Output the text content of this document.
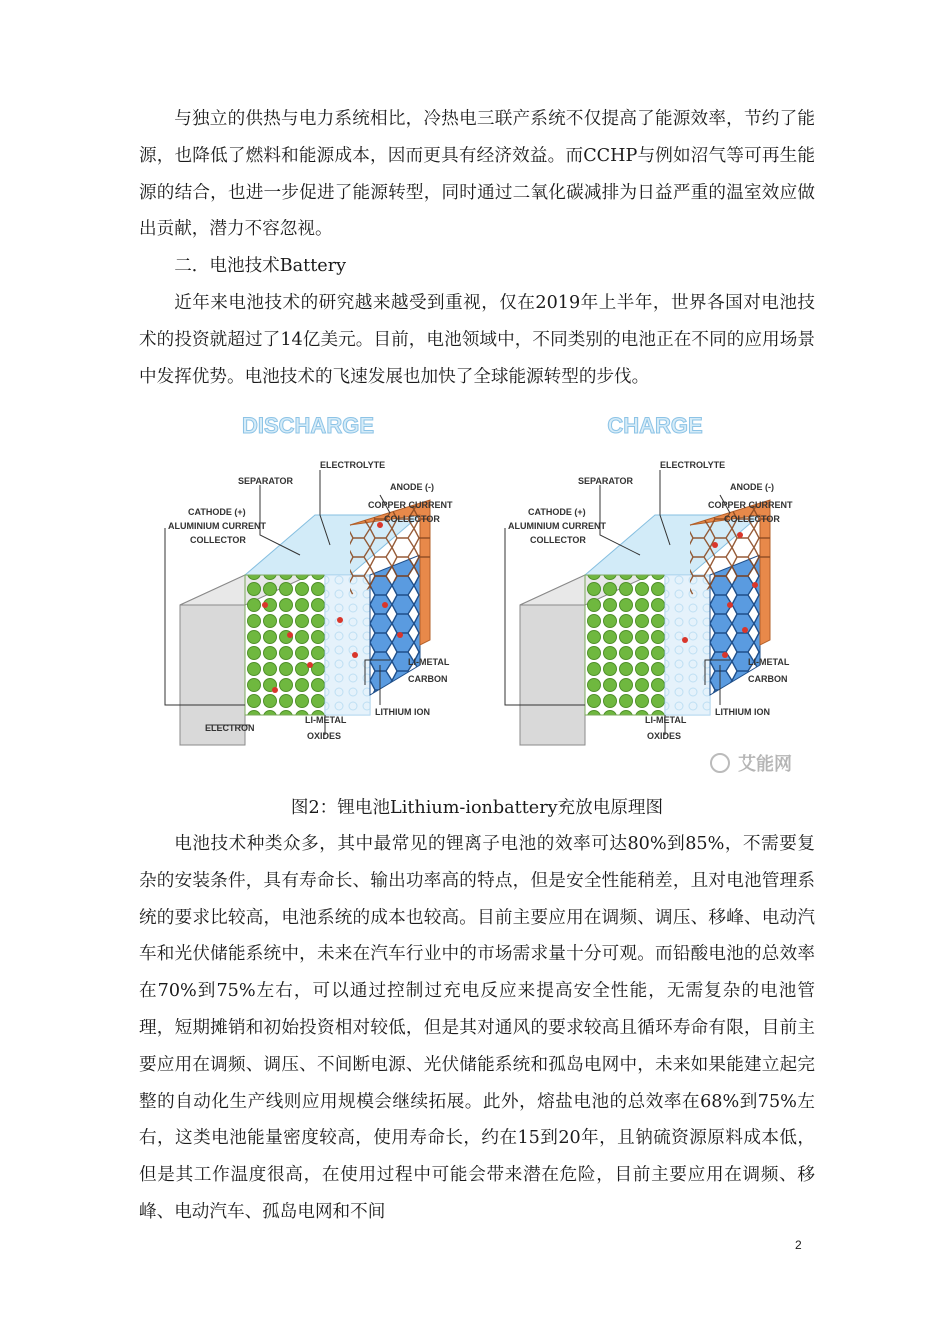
与独立的供热与电力系统相比，冷热电三联产系统不仅提高了能源效率，节约了能源，也降低了燃料和能源成本，因而更具有经济效益。而CCHP与例如沼气等可再生能源的结合，也进一步促进了能源转型，同时通过二氧化碳减排为日益严重的温室效应做出贡献，潜力不容忽视。

二．电池技术Battery

近年来电池技术的研究越来越受到重视，仅在2019年上半年，世界各国对电池技术的投资就超过了14亿美元。目前，电池领域中，不同类别的电池正在不同的应用场景中发挥优势。电池技术的飞速发展也加快了全球能源转型的步伐。

DISCHARGE
SEPARATOR
ELECTROLYTE
ANODE (-)
COPPER CURRENT
COLLECTOR
CATHODE (+)
ALUMINIUM CURRENT
COLLECTOR
LI-METAL
CARBON
LITHIUM ION
ELECTRON
LI-METAL
OXIDES
CHARGE
SEPARATOR
ELECTROLYTE
ANODE (-)
COPPER CURRENT
COLLECTOR
CATHODE (+)
ALUMINIUM CURRENT
COLLECTOR
LI-METAL
CARBON
LITHIUM ION
LI-METAL
OXIDES
艾能网

图2：锂电池Lithium-ionbattery充放电原理图

电池技术种类众多，其中最常见的锂离子电池的效率可达80%到85%，不需要复杂的安装条件，具有寿命长、输出功率高的特点，但是安全性能稍差，且对电池管理系统的要求比较高，电池系统的成本也较高。目前主要应用在调频、调压、移峰、电动汽车和光伏储能系统中，未来在汽车行业中的市场需求量十分可观。而铅酸电池的总效率在70%到75%左右，可以通过控制过充电反应来提高安全性能，无需复杂的电池管理，短期摊销和初始投资相对较低，但是其对通风的要求较高且循环寿命有限，目前主要应用在调频、调压、不间断电源、光伏储能系统和孤岛电网中，未来如果能建立起完整的自动化生产线则应用规模会继续拓展。此外，熔盐电池的总效率在68%到75%左右，这类电池能量密度较高，使用寿命长，约在15到20年，且钠硫资源原料成本低，但是其工作温度很高，在使用过程中可能会带来潜在危险，目前主要应用在调频、移峰、电动汽车、孤岛电网和不间

2
